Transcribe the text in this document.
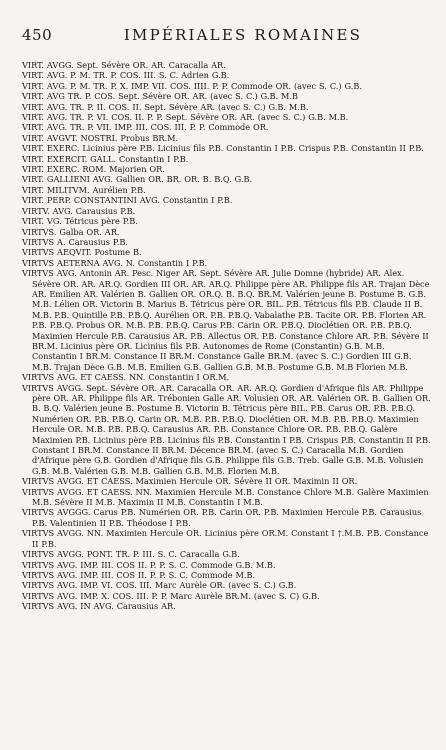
450	IMPÉRIALES ROMAINES

VIRT. AVGG. Sept. Sévère OR. AR. Caracalla AR.

VIRT. AVG. P. M. TR. P. COS. III. S. C. Adrien G.B.

VIRT. AVG. P. M. TR. P. X. IMP. VII. COS. IIII. P. P. Commode OR. (avec S. C.) G.B.

VIRT. AVG TR. P. COS. Sept. Sévère OR. AR. (avec S. C.) G.B. M.B

VIRT. AVG. TR. P. II. COS. II. Sept. Sévère AR. (avec S. C.) G.B. M.B.

VIRT. AVG. TR. P. VI. COS. II. P. P. Sept. Sévère OR. AR. (avec S. C.) G.B. M.B.

VIRT. AVG. TR. P. VII. IMP. III. COS. III. P. P. Commode OR.

VIRT. AVGVT. NOSTRI. Probus BR.M.

VIRT. EXERC. Licinius père P.B. Licinius fils P.B. Constantin I P.B. Crispus P.B. Constantin II P.B.

VIRT. EXERCIT. GALL. Constantin I P.B.

VIRT. EXERC. ROM. Majorien OR.

VIRT. GALLIENI AVG. Gallien OR. BR. OR. B. B.Q. G.B.

VIRT. MILITVM. Aurélien P.B.

VIRT. PERP. CONSTANTINI AVG. Constantin I P.B.

VIRTV. AVG. Carausius P.B.

VIRT. VG. Tétricus père P.B.

VIRTVS. Galba OR. AR.

VIRTVS A. Carausius P.B.

VIRTVS AEQVIT. Postume B.

VIRTVS AETERNA AVG. N. Constantin I P.B.

VIRTVS AVG. Antonin AR. Pesc. Niger AR. Sept. Sévère AR. Julie Domne (hybride) AR. Alex. Sévère OR. AR. AR.Q. Gordien III OR. AR. AR.Q. Philippe père AR. Philippe fils AR. Trajan Dèce AR. Emilien AR. Valérien B. Gallien OR. OR.Q. B. B.Q. BR.M. Valérien jeune B. Postume B. G.B. M.B. Lélien OR. Victorin B. Marius B. Tétricus père OR. BIL. P.B. Tétricus fils P.B. Claude II B. M.B. P.B. Quintille P.B. P.B.Q. Aurélien OR. P.B. P.B.Q. Vabalathe P.B. Tacite OR. P.B. Florien AR. P.B. P.B.Q. Probus OR. M.B. P.B. P.B.Q. Carus P.B. Carin OR. P.B.Q. Dioclétien OR. P.B. P.B.Q. Maximien Hercule P.B. Carausius AR. P.B. Allectus OR. P.B. Constance Chlore AR. P.B. Sévère II BR.M. Licinius père OR. Licinius fils P.B. Autonomes de Rome (Constantin) G.B. M.B. Constantin I BR.M. Constance II BR.M. Constance Galle BR.M. (avec S. C.) Gordien III G.B. M.B. Trajan Dèce G.B. M.B. Emilien G.B. Gallien G.B. M.B. Postume G.B. M.B Florien M.B.

VIRTVS AVG. ET CAESS. NN. Constantin I OR.M.

VIRTVS AVGG. Sept. Sévère OR. AR. Caracalla OR. AR. AR.Q. Gordien d'Afrique fils AR. Philippe père OR. AR. Philippe fils AR. Trébonien Galle AR. Volusien OR. AR. Valérien OR. B. Gallien OR. B. B.Q. Valérien jeune B. Postume B. Victorin B. Tétricus père BIL. P.B. Carus OR. P.B. P.B.Q. Numérien OR. P.B. P.B.Q. Carin OR. M.B. P.B. P.B.Q. Dioclétien OR. M.B. P.B. P.B.Q. Maximien Hercule OR. M.B. P.B. P.B.Q. Carausius AR. P.B. Constance Chlore OR. P.B. P.B.Q. Galère Maximien P.B. Licinius père P.B. Licinius fils P.B. Constantin I P.B. Crispus P.B. Constantin II P.B. Constant I BR.M. Constance II BR.M. Décence BR.M. (avec S. C.) Caracalla M.B. Gordien d'Afrique père G.B. Gordien d'Afrique fils G.B. Philippe fils G.B. Treb. Galle G.B. M.B. Volusien G.B. M.B. Valérien G.B. M.B. Gallien G.B. M.B. Florien M.B.

VIRTVS AVGG. ET CAESS. Maximien Hercule OR. Sévère II OR. Maximin II OR.

VIRTVS AVGG. ET CAESS. NN. Maximien Hercule M.B. Constance Chlore M.B. Galère Maximien M.B. Sévère II M.B. Maximin II M.B. Constantin I M.B.

VIRTVS AVGGG. Carus P.B. Numérien OR. P.B. Carin OR. P.B. Maximien Hercule P.B. Carausius P.B. Valentinien II P.B. Théodose I P.B.

VIRTVS AVGG. NN. Maximien Hercule OR. Licinius père OR.M. Constant I †.M.B. P.B. Constance II P.B.

VIRTVS AVGG. PONT. TR. P. III. S. C. Caracalla G.B.

VIRTVS AVG. IMP. III. COS II. P. P. S. C. Commode G.B. M.B.

VIRTVS AVG. IMP. III. COS II. P. P. S. C. Commode M.B.

VIRTVS AVG. IMP. VI. COS. III. Marc Aurèle OR. (avec S. C.) G.B.

VIRTVS AVG. IMP. X. COS. III. P. P. Marc Aurèle BR.M. (avec S. C) G.B.

VIRTVS AVG. IN AVG. Carausius AR.
